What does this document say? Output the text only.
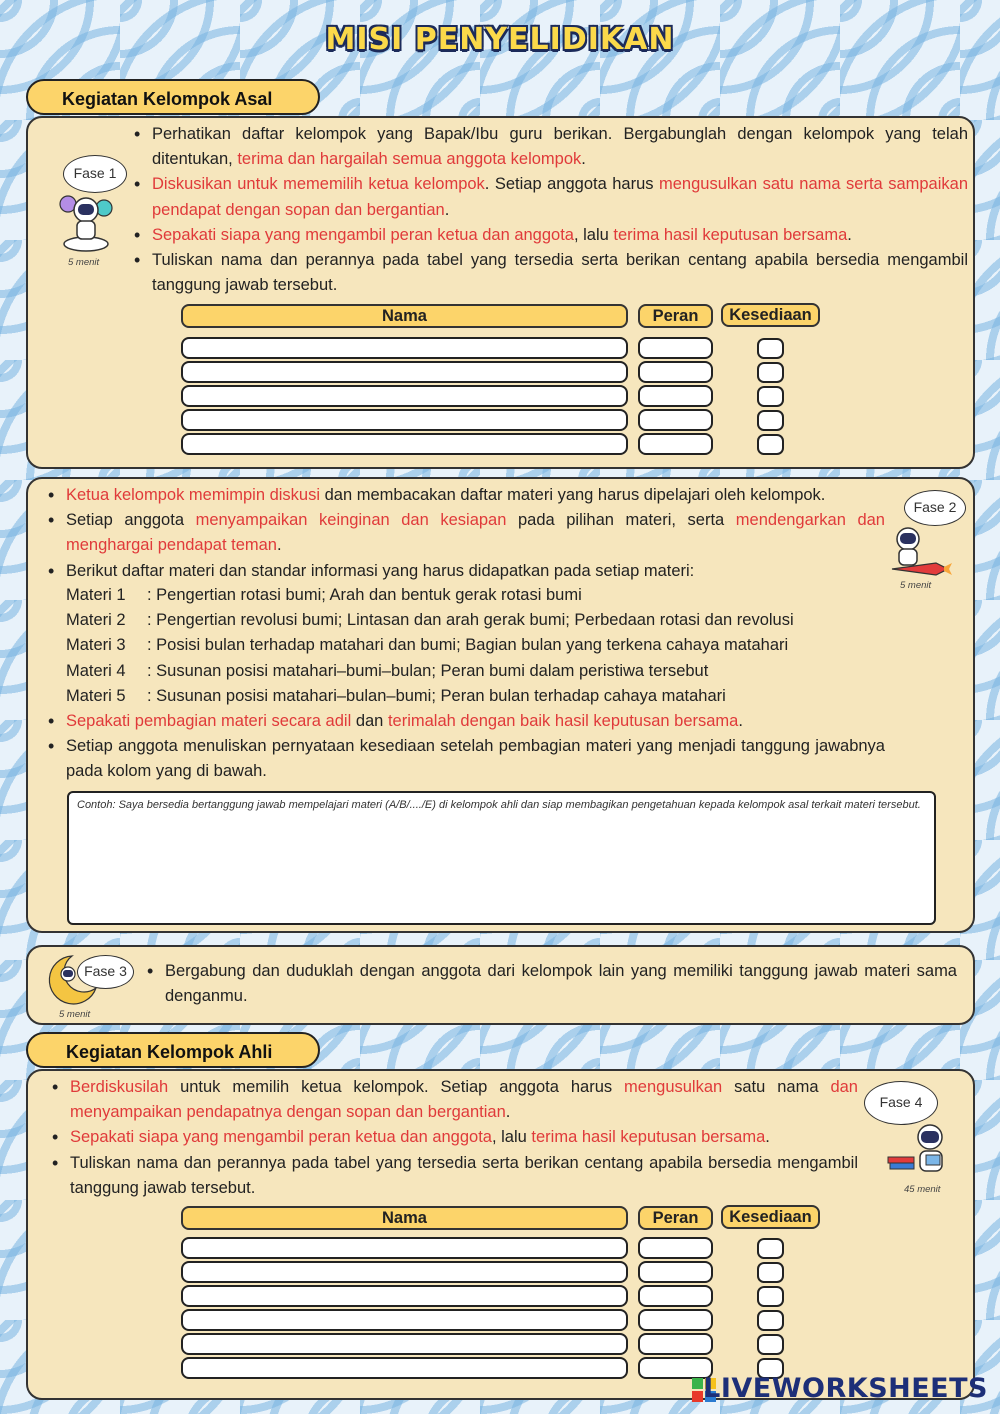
MISI PENYELIDIKAN
Kegiatan Kelompok Asal
Fase 1
5 menit
• Perhatikan daftar kelompok yang Bapak/Ibu guru berikan. Bergabunglah dengan kelompok yang telah ditentukan, terima dan hargailah semua anggota kelompok.
• Diskusikan untuk mememilih ketua kelompok. Setiap anggota harus mengusulkan satu nama serta sampaikan pendapat dengan sopan dan bergantian.
• Sepakati siapa yang mengambil peran ketua dan anggota, lalu terima hasil keputusan bersama.
• Tuliskan nama dan perannya pada tabel yang tersedia serta berikan centang apabila bersedia mengambil tanggung jawab tersebut.
Nama	Peran	Kesediaan
• Ketua kelompok memimpin diskusi dan membacakan daftar materi yang harus dipelajari oleh kelompok.
• Setiap anggota menyampaikan keinginan dan kesiapan pada pilihan materi, serta mendengarkan dan menghargai pendapat teman.
• Berikut daftar materi dan standar informasi yang harus didapatkan pada setiap materi:
Materi 1	: Pengertian rotasi bumi; Arah dan bentuk gerak rotasi bumi
Materi 2	: Pengertian revolusi bumi; Lintasan dan arah gerak bumi; Perbedaan rotasi dan revolusi
Materi 3	: Posisi bulan terhadap matahari dan bumi; Bagian bulan yang terkena cahaya matahari
Materi 4	: Susunan posisi matahari–bumi–bulan; Peran bumi dalam peristiwa tersebut
Materi 5	: Susunan posisi matahari–bulan–bumi; Peran bulan terhadap cahaya matahari
• Sepakati pembagian materi secara adil dan terimalah dengan baik hasil keputusan bersama.
• Setiap anggota menuliskan pernyataan kesediaan setelah pembagian materi yang menjadi tanggung jawabnya pada kolom yang di bawah.
Contoh: Saya bersedia bertanggung jawab mempelajari materi (A/B/..../E) di kelompok ahli dan siap membagikan pengetahuan kepada kelompok asal terkait materi tersebut.
Fase 2
5 menit
Fase 3
5 menit
• Bergabung dan duduklah dengan anggota dari kelompok lain yang memiliki tanggung jawab materi sama denganmu.
Kegiatan Kelompok Ahli
• Berdiskusilah untuk memilih ketua kelompok. Setiap anggota harus mengusulkan satu nama dan menyampaikan pendapatnya dengan sopan dan bergantian.
• Sepakati siapa yang mengambil peran ketua dan anggota, lalu terima hasil keputusan bersama.
• Tuliskan nama dan perannya pada tabel yang tersedia serta berikan centang apabila bersedia mengambil tanggung jawab tersebut.
Fase 4
45 menit
Nama	Peran	Kesediaan
LIVEWORKSHEETS
